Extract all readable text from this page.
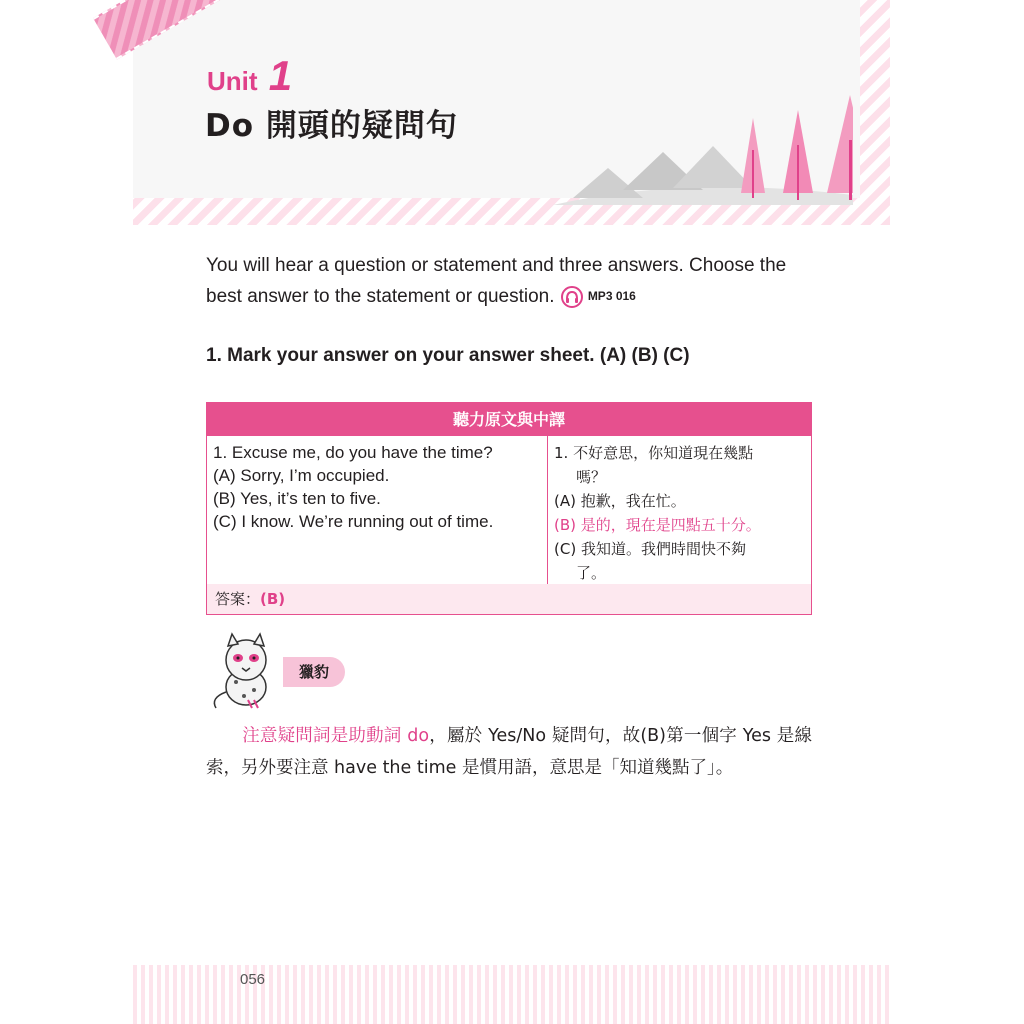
Unit 1
Do 開頭的疑問句
You will hear a question or statement and three answers. Choose the best answer to the statement or question.	MP3 016
1. Mark your answer on your answer sheet. (A) (B) (C)
聽力原文與中譯
1. Excuse me, do you have the time?
(A) Sorry, I’m occupied.
(B) Yes, it’s ten to five.
(C) I know. We’re running out of time.
1. 不好意思，你知道現在幾點
嗎？
(A) 抱歉，我在忙。
(B) 是的，現在是四點五十分。
(C) 我知道。我們時間快不夠
了。
答案：(B)
獵豹
注意疑問詞是助動詞 do，屬於 Yes/No 疑問句，故(B)第一個字 Yes 是線索，另外要注意 have the time 是慣用語，意思是「知道幾點了」。
056
